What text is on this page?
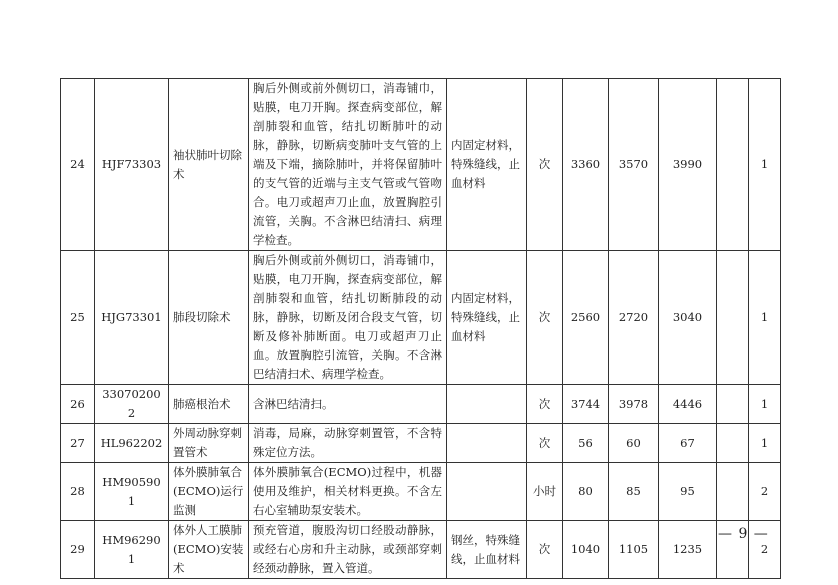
24	HJF73303	袖状肺叶切除术	胸后外侧或前外侧切口，消毒铺巾，贴膜，电刀开胸。探查病变部位，解剖肺裂和血管，结扎切断肺叶的动脉，静脉，切断病变肺叶支气管的上端及下端，摘除肺叶，并将保留肺叶的支气管的近端与主支气管或气管吻合。电刀或超声刀止血，放置胸腔引流管，关胸。不含淋巴结清扫、病理学检查。	内固定材料，特殊缝线，止血材料	次	3360	3570	3990		1
25	HJG73301	肺段切除术	胸后外侧或前外侧切口，消毒铺巾，贴膜，电刀开胸，探查病变部位，解剖肺裂和血管，结扎切断肺段的动脉，静脉，切断及闭合段支气管，切断及修补肺断面。电刀或超声刀止血。放置胸腔引流管，关胸。不含淋巴结清扫术、病理学检查。	内固定材料，特殊缝线，止血材料	次	2560	2720	3040		1
26	330702002	肺癌根治术	含淋巴结清扫。		次	3744	3978	4446		1
27	HL962202	外周动脉穿刺置管术	消毒，局麻，动脉穿刺置管，不含特殊定位方法。		次	56	60	67		1
28	HM905901	体外膜肺氧合(ECMO)运行监测	体外膜肺氧合(ECMO)过程中，机器使用及维护，相关材料更换。不含左右心室辅助泵安装术。		小时	80	85	95		2
29	HM962901	体外人工膜肺(ECMO)安装术	预充管道，腹股沟切口经股动静脉，或经右心房和升主动脉，或颈部穿刺经颈动静脉，置入管道。	钢丝，特殊缝线，止血材料	次	1040	1105	1235		2
— 9 —
